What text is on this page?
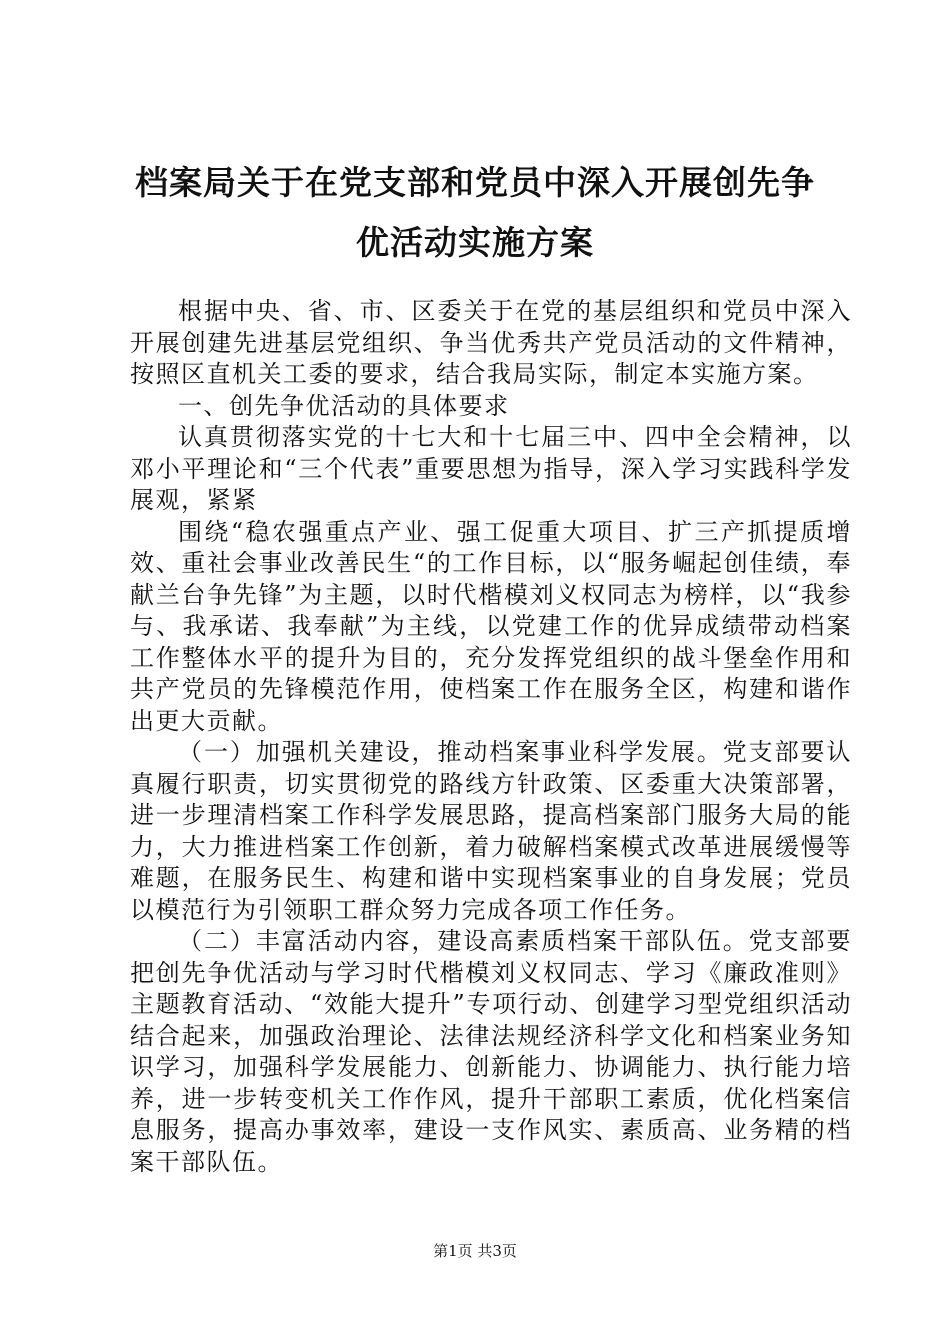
档案局关于在党支部和党员中深入开展创先争
优活动实施方案

根据中央、省、市、区委关于在党的基层组织和党员中深入开展创建先进基层党组织、争当优秀共产党员活动的文件精神，按照区直机关工委的要求，结合我局实际，制定本实施方案。

一、创先争优活动的具体要求

认真贯彻落实党的十七大和十七届三中、四中全会精神，以邓小平理论和“三个代表”重要思想为指导，深入学习实践科学发展观，紧紧

围绕“稳农强重点产业、强工促重大项目、扩三产抓提质增效、重社会事业改善民生“的工作目标，以“服务崛起创佳绩，奉献兰台争先锋”为主题，以时代楷模刘义权同志为榜样，以“我参与、我承诺、我奉献”为主线，以党建工作的优异成绩带动档案工作整体水平的提升为目的，充分发挥党组织的战斗堡垒作用和共产党员的先锋模范作用，使档案工作在服务全区，构建和谐作出更大贡献。

（一）加强机关建设，推动档案事业科学发展。党支部要认真履行职责，切实贯彻党的路线方针政策、区委重大决策部署，进一步理清档案工作科学发展思路，提高档案部门服务大局的能力，大力推进档案工作创新，着力破解档案模式改革进展缓慢等难题，在服务民生、构建和谐中实现档案事业的自身发展；党员以模范行为引领职工群众努力完成各项工作任务。

（二）丰富活动内容，建设高素质档案干部队伍。党支部要把创先争优活动与学习时代楷模刘义权同志、学习《廉政准则》主题教育活动、“效能大提升”专项行动、创建学习型党组织活动结合起来，加强政治理论、法律法规经济科学文化和档案业务知识学习，加强科学发展能力、创新能力、协调能力、执行能力培养，进一步转变机关工作作风，提升干部职工素质，优化档案信息服务，提高办事效率，建设一支作风实、素质高、业务精的档案干部队伍。

第1页 共3页
